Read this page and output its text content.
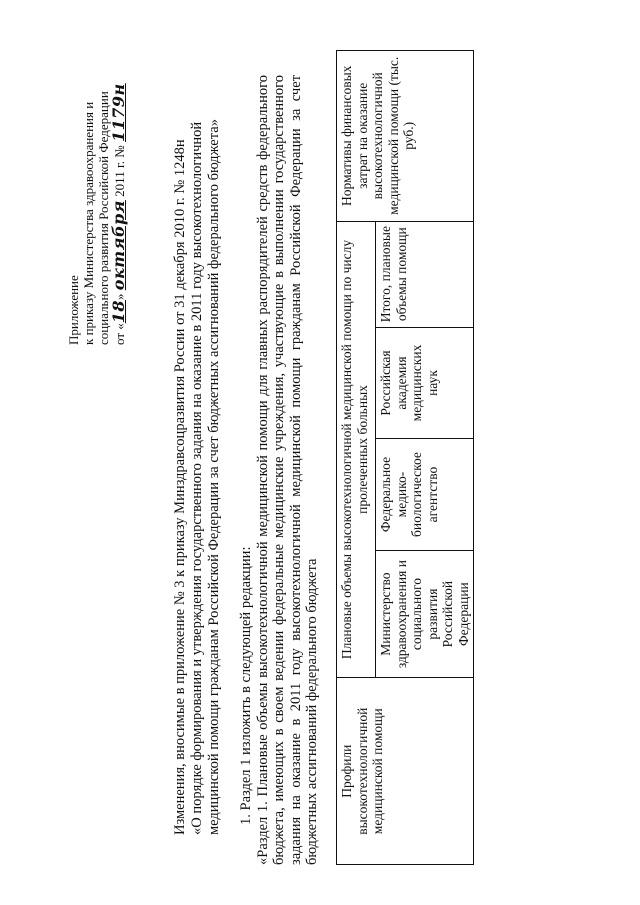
Приложение к приказу Министерства здравоохранения и социального развития Российской Федерации от «18» октября 2011 г. № 1179н
Изменения, вносимые в приложение № 3 к приказу Минздравсоцразвития России от 31 декабря 2010 г. № 1248н «О порядке формирования и утверждения государственного задания на оказание в 2011 году высокотехнологичной медицинской помощи гражданам Российской Федерации за счет бюджетных ассигнований федерального бюджета» 1. Раздел 1 изложить в следующей редакции: «Раздел 1. Плановые объемы высокотехнологичной медицинской помощи для главных распорядителей средств федерального бюджета, имеющих в своем ведении федеральные медицинские учреждения, участвующие в выполнении государственного задания на оказание в 2011 году высокотехнологичной медицинской помощи гражданам Российской Федерации за счет бюджетных ассигнований федерального бюджета Профили высокотехнологичной медицинской помощи	Плановые объемы высокотехнологичной медицинской помощи по числу пролеченных больных				Нормативы финансовых затрат на оказание высокотехнологичной медицинской помощи (тыс. руб.)
	Министерство здравоохранения и социального развития Российской Федерации	Федеральное медико-биологическое агентство	Российская академия медицинских наук	Итого, плановые объемы помощи	
